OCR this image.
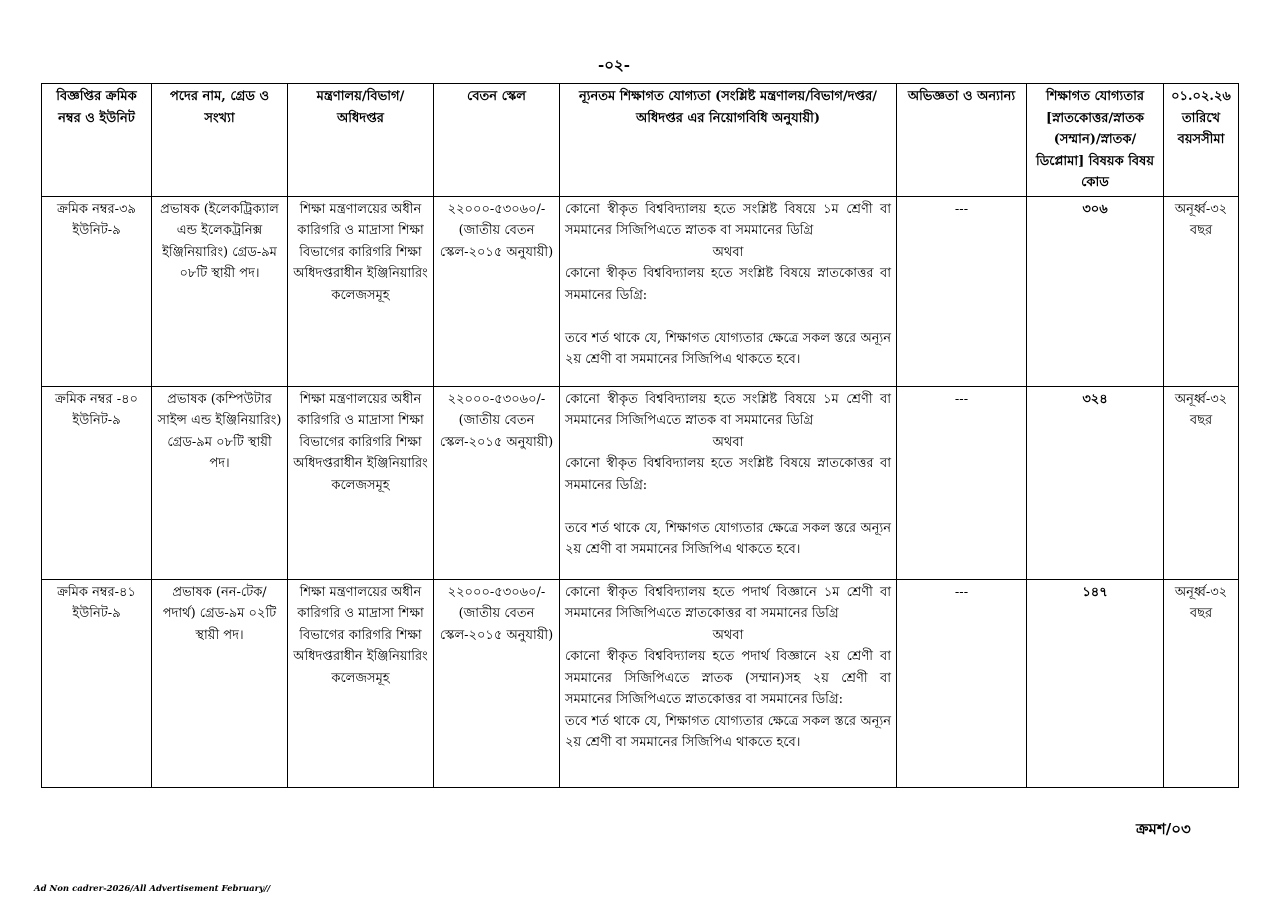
-০২-
বিজ্ঞপ্তির ক্রমিক নম্বর ও ইউনিট	পদের নাম, গ্রেড ও সংখ্যা	মন্ত্রণালয়/বিভাগ/ অধিদপ্তর	বেতন স্কেল	ন্যূনতম শিক্ষাগত যোগ্যতা (সংশ্লিষ্ট মন্ত্রণালয়/বিভাগ/দপ্তর/ অধিদপ্তর এর নিয়োগবিধি অনুযায়ী)	অভিজ্ঞতা ও অন্যান্য	শিক্ষাগত যোগ্যতার [স্নাতকোত্তর/স্নাতক (সম্মান)/স্নাতক/ ডিপ্লোমা] বিষয়ক বিষয় কোড	০১.০২.২৬ তারিখে বয়সসীমা
ক্রমিক নম্বর-৩৯ ইউনিট-৯	প্রভাষক (ইলেকট্রিক্যাল এন্ড ইলেকট্রনিক্স ইঞ্জিনিয়ারিং) গ্রেড-৯ম ০৮টি স্থায়ী পদ।	শিক্ষা মন্ত্রণালয়ের অধীন কারিগরি ও মাদ্রাসা শিক্ষা বিভাগের কারিগরি শিক্ষা অধিদপ্তরাধীন ইঞ্জিনিয়ারিং কলেজসমূহ	২২০০০-৫৩০৬০/- (জাতীয় বেতন স্কেল-২০১৫ অনুযায়ী)	কোনো স্বীকৃত বিশ্ববিদ্যালয় হতে সংশ্লিষ্ট বিষয়ে ১ম শ্রেণী বা সমমানের সিজিপিএতে স্নাতক বা সমমানের ডিগ্রি
অথবা
কোনো স্বীকৃত বিশ্ববিদ্যালয় হতে সংশ্লিষ্ট বিষয়ে স্নাতকোত্তর বা সমমানের ডিগ্রি:
তবে শর্ত থাকে যে, শিক্ষাগত যোগ্যতার ক্ষেত্রে সকল স্তরে অন্যূন ২য় শ্রেণী বা সমমানের সিজিপিএ থাকতে হবে।	---	৩০৬	অনূর্ধ্ব-৩২ বছর
ক্রমিক নম্বর -৪০ ইউনিট-৯	প্রভাষক (কম্পিউটার সাইন্স এন্ড ইঞ্জিনিয়ারিং) গ্রেড-৯ম ০৮টি স্থায়ী পদ।	শিক্ষা মন্ত্রণালয়ের অধীন কারিগরি ও মাদ্রাসা শিক্ষা বিভাগের কারিগরি শিক্ষা অধিদপ্তরাধীন ইঞ্জিনিয়ারিং কলেজসমূহ	২২০০০-৫৩০৬০/- (জাতীয় বেতন স্কেল-২০১৫ অনুযায়ী)	কোনো স্বীকৃত বিশ্ববিদ্যালয় হতে সংশ্লিষ্ট বিষয়ে ১ম শ্রেণী বা সমমানের সিজিপিএতে স্নাতক বা সমমানের ডিগ্রি
অথবা
কোনো স্বীকৃত বিশ্ববিদ্যালয় হতে সংশ্লিষ্ট বিষয়ে স্নাতকোত্তর বা সমমানের ডিগ্রি:
তবে শর্ত থাকে যে, শিক্ষাগত যোগ্যতার ক্ষেত্রে সকল স্তরে অন্যূন ২য় শ্রেণী বা সমমানের সিজিপিএ থাকতে হবে।	---	৩২৪	অনূর্ধ্ব-৩২ বছর
ক্রমিক নম্বর-৪১ ইউনিট-৯	প্রভাষক (নন-টেক/পদার্থ) গ্রেড-৯ম ০২টি স্থায়ী পদ।	শিক্ষা মন্ত্রণালয়ের অধীন কারিগরি ও মাদ্রাসা শিক্ষা বিভাগের কারিগরি শিক্ষা অধিদপ্তরাধীন ইঞ্জিনিয়ারিং কলেজসমূহ	২২০০০-৫৩০৬০/- (জাতীয় বেতন স্কেল-২০১৫ অনুযায়ী)	কোনো স্বীকৃত বিশ্ববিদ্যালয় হতে পদার্থ বিজ্ঞানে ১ম শ্রেণী বা সমমানের সিজিপিএতে স্নাতকোত্তর বা সমমানের ডিগ্রি
অথবা
কোনো স্বীকৃত বিশ্ববিদ্যালয় হতে পদার্থ বিজ্ঞানে ২য় শ্রেণী বা সমমানের সিজিপিএতে স্নাতক (সম্মান)সহ ২য় শ্রেণী বা সমমানের সিজিপিএতে স্নাতকোত্তর বা সমমানের ডিগ্রি:
তবে শর্ত থাকে যে, শিক্ষাগত যোগ্যতার ক্ষেত্রে সকল স্তরে অন্যূন ২য় শ্রেণী বা সমমানের সিজিপিএ থাকতে হবে।	---	১৪৭	অনূর্ধ্ব-৩২ বছর
ক্রমশ/০৩
Ad Non cadrer-2026/All Advertisement February//
